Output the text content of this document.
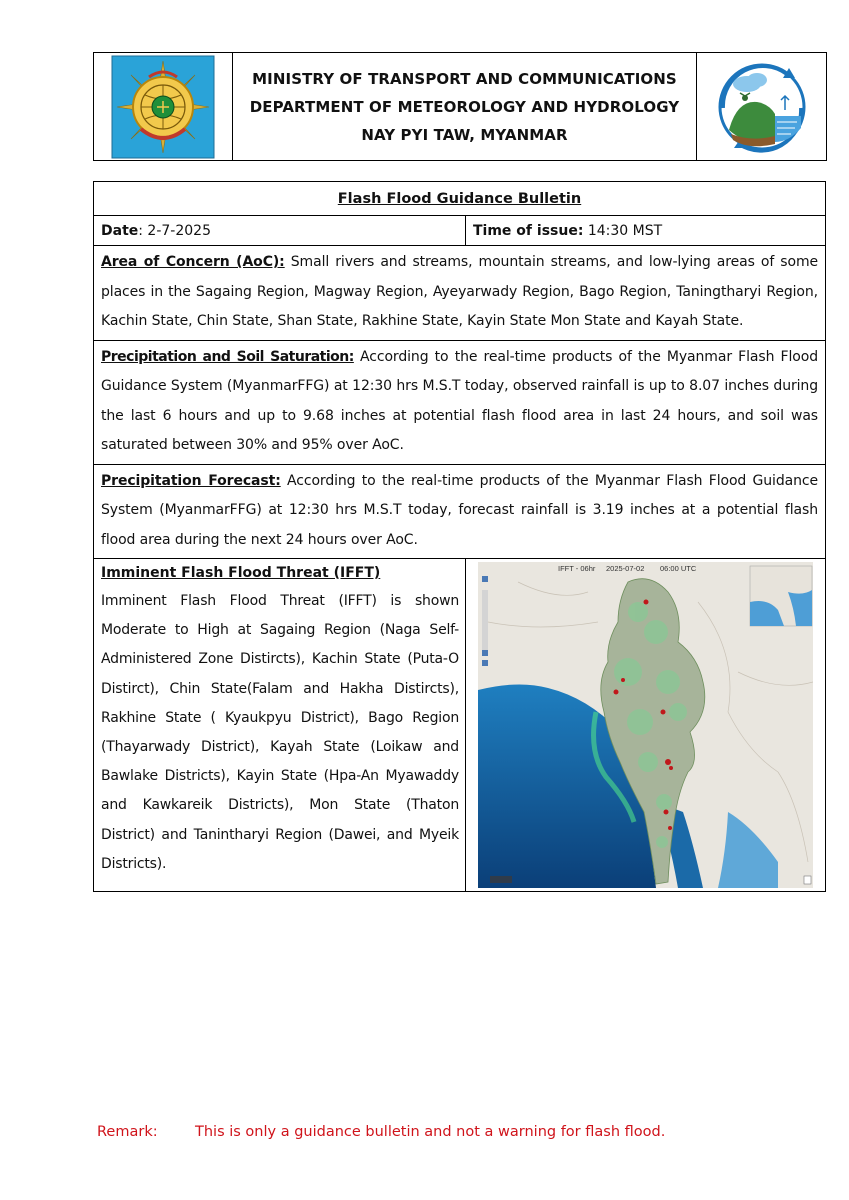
MINISTRY OF TRANSPORT AND COMMUNICATIONS
DEPARTMENT OF METEOROLOGY AND HYDROLOGY
NAY PYI TAW, MYANMAR
Flash Flood Guidance Bulletin
Date : 2-7-2025	Time of issue: 14:30 MST
Area of Concern (AoC): Small rivers and streams, mountain streams, and low-lying areas of some places in the Sagaing Region, Magway Region, Ayeyarwady Region, Bago Region, Taningtharyi Region, Kachin State, Chin State, Shan State, Rakhine State, Kayin State Mon State and Kayah State.
Precipitation and Soil Saturation: According to the real-time products of the Myanmar Flash Flood Guidance System (MyanmarFFG) at 12:30 hrs M.S.T today, observed rainfall is up to 8.07 inches during the last 6 hours and up to 9.68 inches at potential flash flood area in last 24 hours, and soil was saturated between 30% and 95% over AoC.
Precipitation Forecast: According to the real-time products of the Myanmar Flash Flood Guidance System (MyanmarFFG) at 12:30 hrs M.S.T today, forecast rainfall is 3.19 inches at a potential flash flood area during the next 24 hours over AoC.
Imminent Flash Flood Threat (IFFT)
Imminent Flash Flood Threat (IFFT) is shown Moderate to High at Sagaing Region (Naga Self-Administered Zone Distircts), Kachin State (Puta-O Distirct), Chin State(Falam and Hakha Distircts), Rakhine State ( Kyaukpyu District), Bago Region (Thayarwady District), Kayah State (Loikaw and Bawlake Districts), Kayin State (Hpa-An Myawaddy and Kawkareik Districts), Mon State (Thaton District) and Tanintharyi Region (Dawei, and Myeik Districts).
IFFT - 06hr 2025-07-02 06:00 UTC
Remark:	This is only a guidance bulletin and not a warning for flash flood.
